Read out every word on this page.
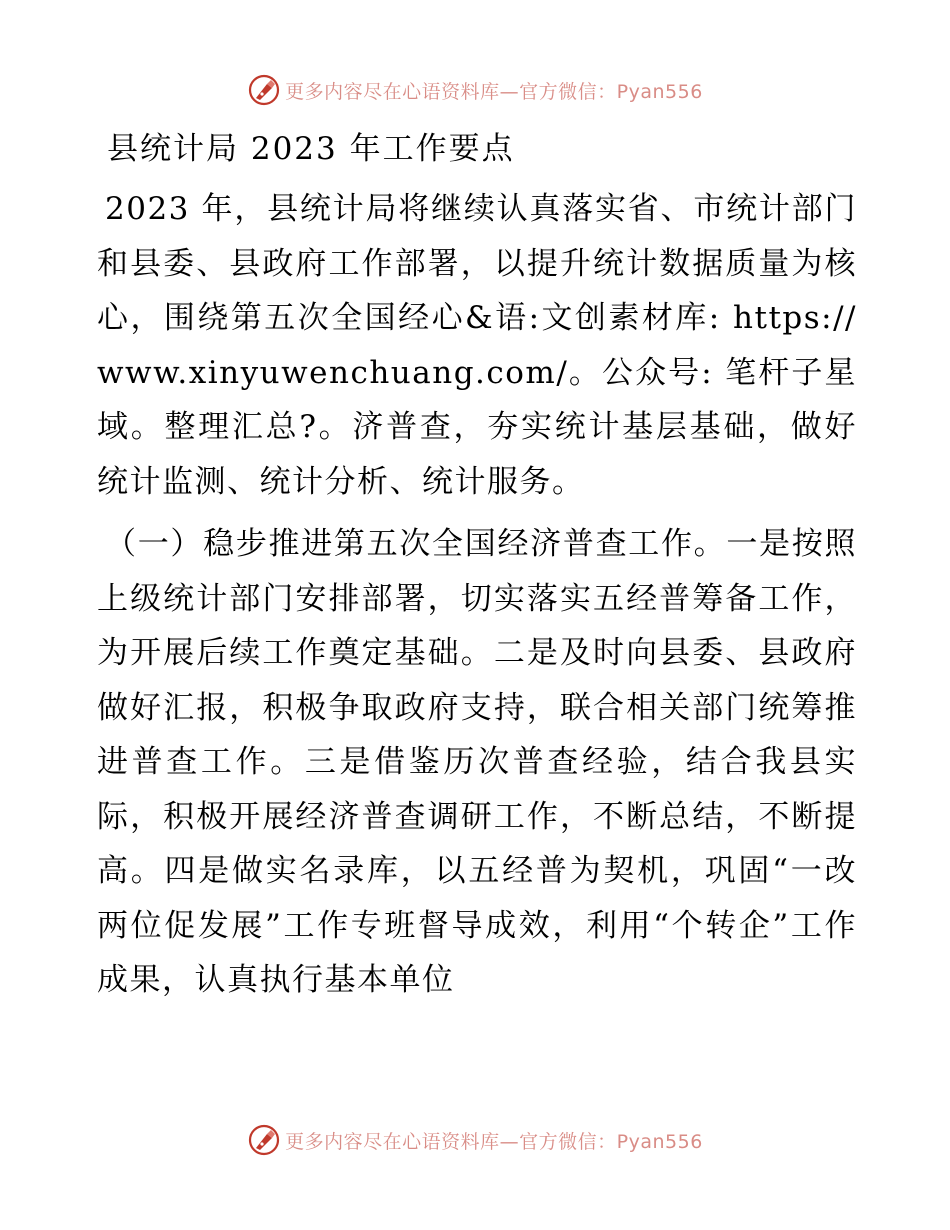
更多内容尽在心语资料库—官方微信：Pyan556
县统计局 2023 年工作要点

2023 年，县统计局将继续认真落实省、市统计部门和县委、县政府工作部署，以提升统计数据质量为核心，围绕第五次全国经心&语:文创素材库: https://www.xinyuwenchuang.com/。公众号: 笔杆子星域。整理汇总?。济普查，夯实统计基层基础，做好统计监测、统计分析、统计服务。

（一）稳步推进第五次全国经济普查工作。一是按照上级统计部门安排部署，切实落实五经普筹备工作，为开展后续工作奠定基础。二是及时向县委、县政府做好汇报，积极争取政府支持，联合相关部门统筹推进普查工作。三是借鉴历次普查经验，结合我县实际，积极开展经济普查调研工作，不断总结，不断提高。四是做实名录库，以五经普为契机，巩固“一改两位促发展”工作专班督导成效，利用“个转企”工作成果，认真执行基本单位

更多内容尽在心语资料库—官方微信：Pyan556
